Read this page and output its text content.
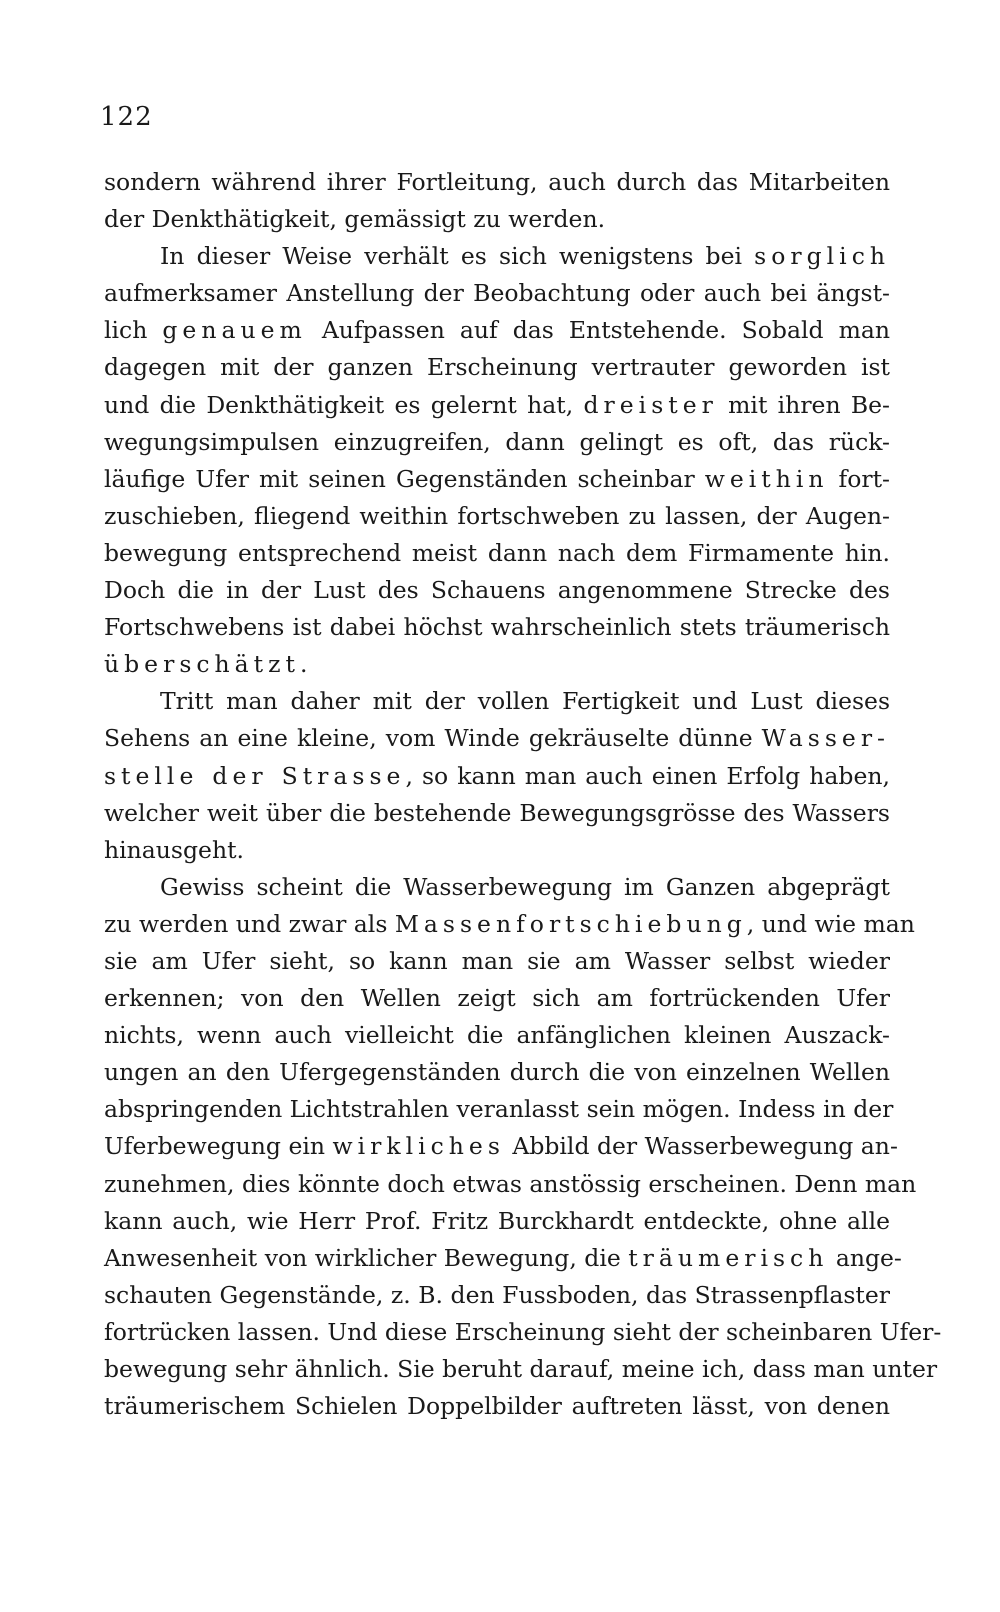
122
sondern während ihrer Fortleitung, auch durch das Mitarbeiten
der Denkthätigkeit, gemässigt zu werden.
In dieser Weise verhält es sich wenigstens bei sorglich
aufmerksamer Anstellung der Beobachtung oder auch bei ängst-
lich genauem Aufpassen auf das Entstehende. Sobald man
dagegen mit der ganzen Erscheinung vertrauter geworden ist
und die Denkthätigkeit es gelernt hat, dreister mit ihren Be-
wegungsimpulsen einzugreifen, dann gelingt es oft, das rück-
läufige Ufer mit seinen Gegenständen scheinbar weithin fort-
zuschieben, fliegend weithin fortschweben zu lassen, der Augen-
bewegung entsprechend meist dann nach dem Firmamente hin.
Doch die in der Lust des Schauens angenommene Strecke des
Fortschwebens ist dabei höchst wahrscheinlich stets träumerisch
überschätzt.
Tritt man daher mit der vollen Fertigkeit und Lust dieses
Sehens an eine kleine, vom Winde gekräuselte dünne Wasser-
stelle der Strasse, so kann man auch einen Erfolg haben,
welcher weit über die bestehende Bewegungsgrösse des Wassers
hinausgeht.
Gewiss scheint die Wasserbewegung im Ganzen abgeprägt
zu werden und zwar als Massenfortschiebung, und wie man
sie am Ufer sieht, so kann man sie am Wasser selbst wieder
erkennen; von den Wellen zeigt sich am fortrückenden Ufer
nichts, wenn auch vielleicht die anfänglichen kleinen Auszack-
ungen an den Ufergegenständen durch die von einzelnen Wellen
abspringenden Lichtstrahlen veranlasst sein mögen. Indess in der
Uferbewegung ein wirkliches Abbild der Wasserbewegung an-
zunehmen, dies könnte doch etwas anstössig erscheinen. Denn man
kann auch, wie Herr Prof. Fritz Burckhardt entdeckte, ohne alle
Anwesenheit von wirklicher Bewegung, die träumerisch ange-
schauten Gegenstände, z. B. den Fussboden, das Strassenpflaster
fortrücken lassen. Und diese Erscheinung sieht der scheinbaren Ufer-
bewegung sehr ähnlich. Sie beruht darauf, meine ich, dass man unter
träumerischem Schielen Doppelbilder auftreten lässt, von denen
